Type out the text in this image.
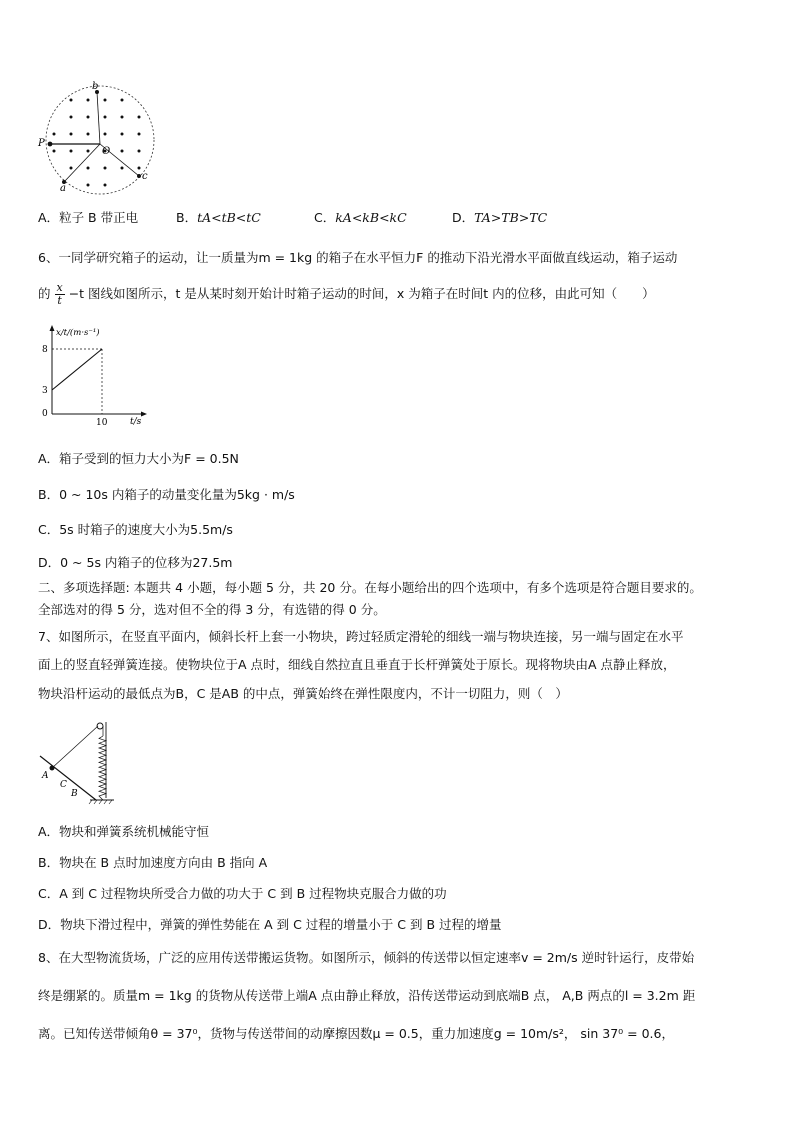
b
P
O
a
c
A．粒子 B 带正电	B．tA<tB<tC	C．kA<kB<kC	D．TA>TB>TC
6、一同学研究箱子的运动，让一质量为m = 1kg 的箱子在水平恒力F 的推动下沿光滑水平面做直线运动，箱子运动
的 $\frac{x}{t} -t$ 图线如图所示，t 是从某时刻开始计时箱子运动的时间，x 为箱子在时间t 内的位移，由此可知（　　）
x/t/(m·s⁻¹)
t/s
8
3
0
10
A．箱子受到的恒力大小为F = 0.5N
B．0 ~ 10s 内箱子的动量变化量为5kg · m/s
C．5s 时箱子的速度大小为5.5m/s
D．0 ~ 5s 内箱子的位移为27.5m
二、多项选择题: 本题共 4 小题，每小题 5 分，共 20 分。在每小题给出的四个选项中，有多个选项是符合题目要求的。
全部选对的得 5 分，选对但不全的得 3 分，有选错的得 0 分。
7、如图所示，在竖直平面内，倾斜长杆上套一小物块，跨过轻质定滑轮的细线一端与物块连接，另一端与固定在水平
面上的竖直轻弹簧连接。使物块位于A 点时，细线自然拉直且垂直于长杆弹簧处于原长。现将物块由A 点静止释放，
物块沿杆运动的最低点为B，C 是AB 的中点，弹簧始终在弹性限度内，不计一切阻力，则（　）
A
C
B
A．物块和弹簧系统机械能守恒
B．物块在 B 点时加速度方向由 B 指向 A
C．A 到 C 过程物块所受合力做的功大于 C 到 B 过程物块克服合力做的功
D．物块下滑过程中，弹簧的弹性势能在 A 到 C 过程的增量小于 C 到 B 过程的增量
8、在大型物流货场，广泛的应用传送带搬运货物。如图所示，倾斜的传送带以恒定速率v = 2m/s 逆时针运行，皮带始
终是绷紧的。质量m = 1kg 的货物从传送带上端A 点由静止释放，沿传送带运动到底端B 点， A,B 两点的l = 3.2m 距
离。已知传送带倾角θ = 37⁰，货物与传送带间的动摩擦因数μ = 0.5，重力加速度g = 10m/s²， sin 37⁰ = 0.6，
